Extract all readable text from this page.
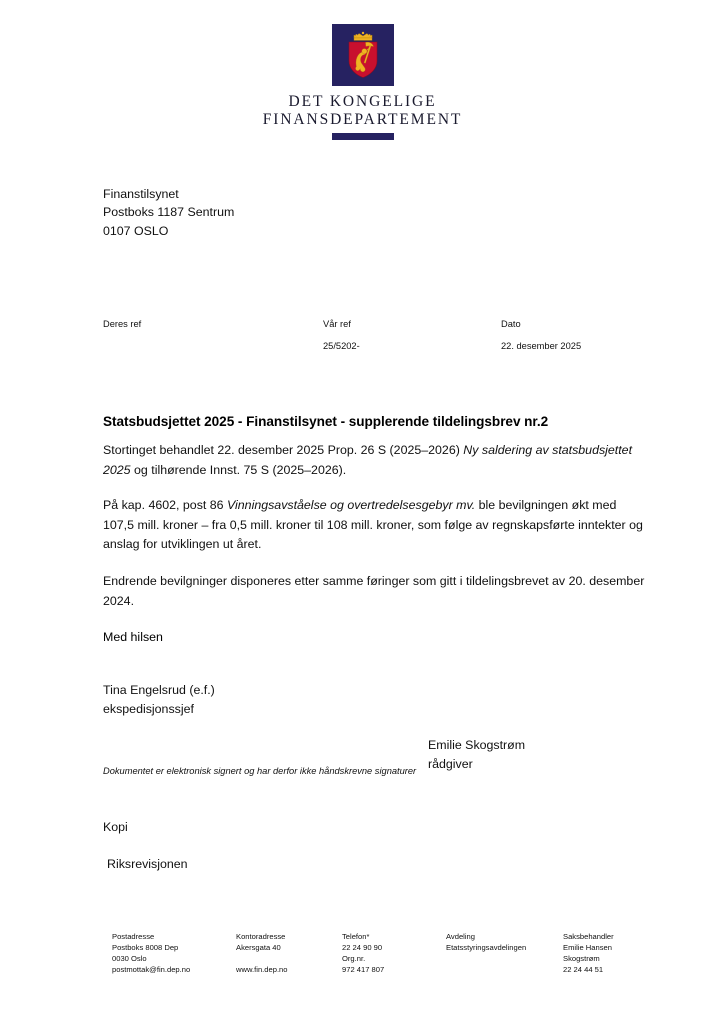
DET KONGELIGE
FINANSDEPARTEMENT
Finanstilsynet
Postboks 1187 Sentrum
0107 OSLO
Deres ref	Vår ref
25/5202-
Dato
22. desember 2025
Statsbudsjettet 2025 - Finanstilsynet - supplerende tildelingsbrev nr.2

Stortinget behandlet 22. desember 2025 Prop. 26 S (2025–2026) Ny saldering av statsbudsjettet 2025 og tilhørende Innst. 75 S (2025–2026).

På kap. 4602, post 86 Vinningsavståelse og overtredelsesgebyr mv. ble bevilgningen økt med 107,5 mill. kroner – fra 0,5 mill. kroner til 108 mill. kroner, som følge av regnskapsførte inntekter og anslag for utviklingen ut året.

Endrende bevilgninger disponeres etter samme føringer som gitt i tildelingsbrevet av 20. desember 2024.

Med hilsen

Tina Engelsrud (e.f.)
ekspedisjonssjef
Emilie Skogstrøm
rådgiver
Dokumentet er elektronisk signert og har derfor ikke håndskrevne signaturer
Kopi
Riksrevisjonen
Postadresse
Postboks 8008 Dep
0030 Oslo
postmottak@fin.dep.no
Kontoradresse
Akersgata 40

www.fin.dep.no
Telefon*
22 24 90 90
Org.nr.
972 417 807
Avdeling
Etatsstyringsavdelingen
Saksbehandler
Emilie Hansen
Skogstrøm
22 24 44 51
